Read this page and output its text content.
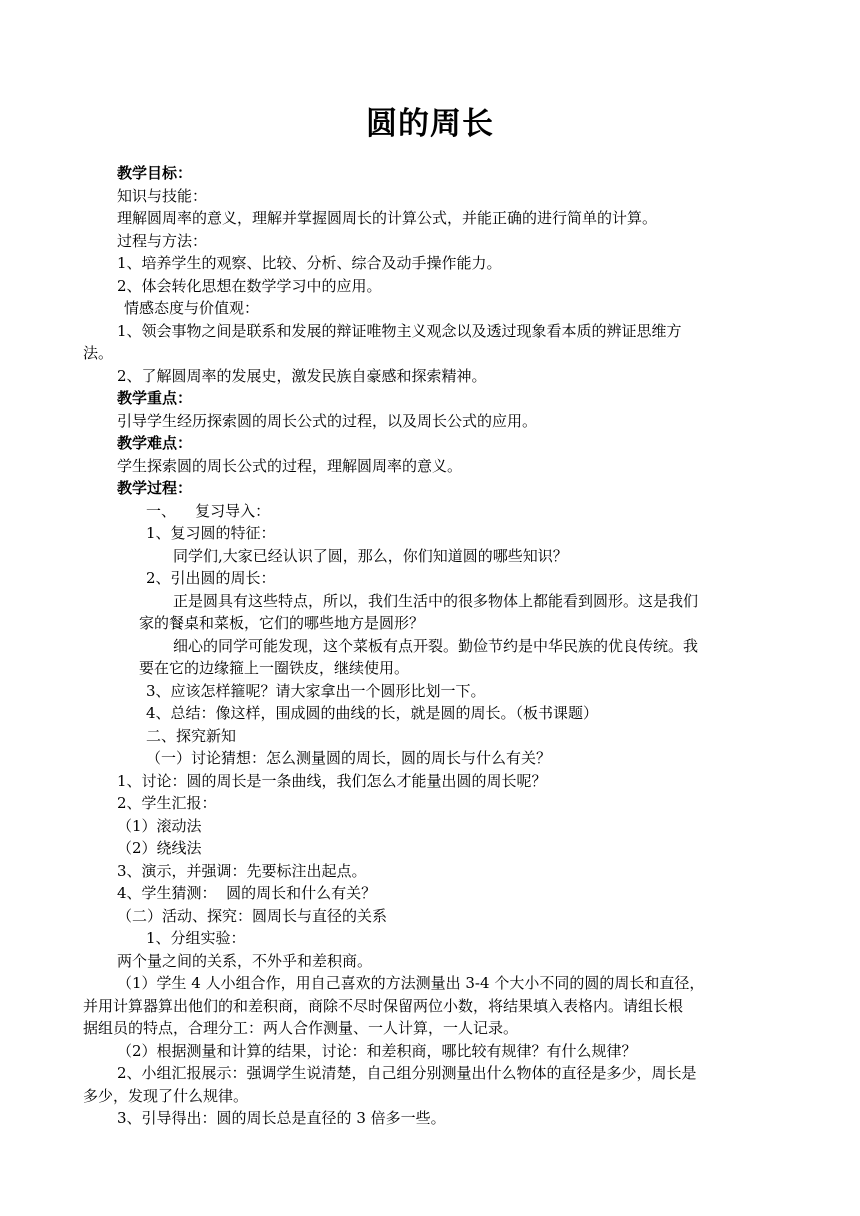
圆的周长
教学目标：
知识与技能：
理解圆周率的意义，理解并掌握圆周长的计算公式，并能正确的进行简单的计算。
过程与方法：
1、培养学生的观察、比较、分析、综合及动手操作能力。
2、体会转化思想在数学学习中的应用。
情感态度与价值观：
1、领会事物之间是联系和发展的辩证唯物主义观念以及透过现象看本质的辨证思维方
法。
2、了解圆周率的发展史，激发民族自豪感和探索精神。
教学重点：
引导学生经历探索圆的周长公式的过程，以及周长公式的应用。
教学难点：
学生探索圆的周长公式的过程，理解圆周率的意义。
教学过程：
一、    复习导入：
1、复习圆的特征：
同学们,大家已经认识了圆，那么，你们知道圆的哪些知识？
2、引出圆的周长：
正是圆具有这些特点，所以，我们生活中的很多物体上都能看到圆形。这是我们
家的餐桌和菜板，它们的哪些地方是圆形？
细心的同学可能发现，这个菜板有点开裂。勤俭节约是中华民族的优良传统。我
要在它的边缘箍上一圈铁皮，继续使用。
3、应该怎样箍呢？请大家拿出一个圆形比划一下。
4、总结：像这样，围成圆的曲线的长，就是圆的周长。（板书课题）
二、探究新知
（一）讨论猜想：怎么测量圆的周长，圆的周长与什么有关？
1、讨论：圆的周长是一条曲线，我们怎么才能量出圆的周长呢？
2、学生汇报：
（1）滚动法
（2）绕线法
3、演示，并强调：先要标注出起点。
4、学生猜测：  圆的周长和什么有关？
（二）活动、探究：圆周长与直径的关系
1、分组实验：
两个量之间的关系，不外乎和差积商。
（1）学生 4 人小组合作，用自己喜欢的方法测量出 3-4 个大小不同的圆的周长和直径，
并用计算器算出他们的和差积商，商除不尽时保留两位小数，将结果填入表格内。请组长根
据组员的特点，合理分工：两人合作测量、一人计算，一人记录。
（2）根据测量和计算的结果，讨论：和差积商，哪比较有规律？有什么规律？
2、小组汇报展示：强调学生说清楚，自己组分别测量出什么物体的直径是多少，周长是
多少，发现了什么规律。
3、引导得出：圆的周长总是直径的 3 倍多一些。
